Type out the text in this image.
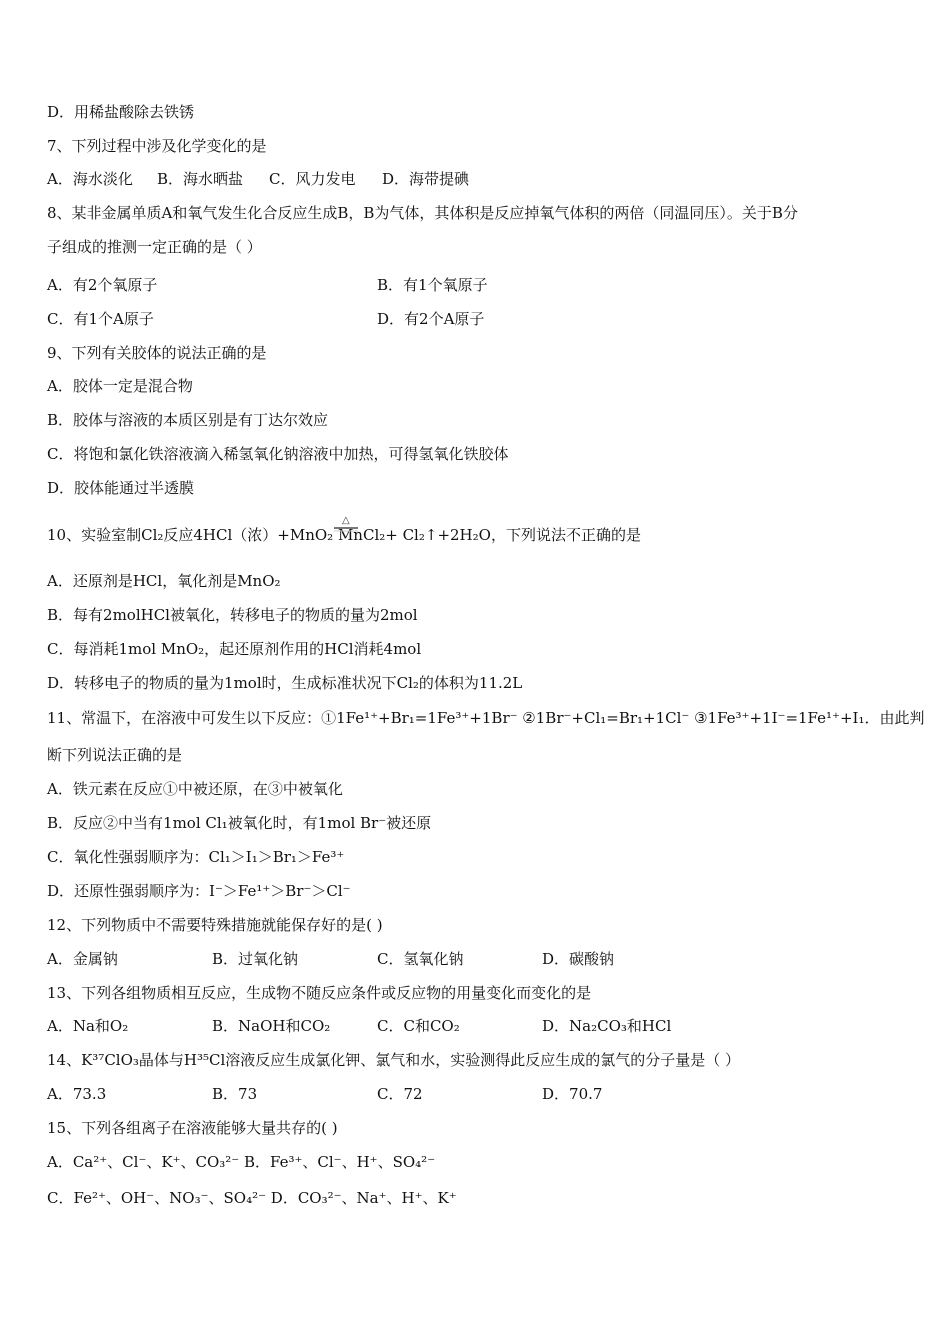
D．用稀盐酸除去铁锈
7、下列过程中涉及化学变化的是
A．海水淡化 B．海水晒盐 C．风力发电 D．海带提碘
8、某非金属单质A和氧气发生化合反应生成B，B为气体，其体积是反应掉氧气体积的两倍（同温同压）。关于B分
子组成的推测一定正确的是（ ）
A．有2个氧原子	B．有1个氧原子
C．有1个A原子	D．有2个A原子
9、下列有关胶体的说法正确的是
A．胶体一定是混合物
B．胶体与溶液的本质区别是有丁达尔效应
C．将饱和氯化铁溶液滴入稀氢氧化钠溶液中加热，可得氢氧化铁胶体
D．胶体能通过半透膜
10、实验室制Cl₂反应4HCl（浓）+MnO₂ MnCl₂+ Cl₂↑+2H₂O，下列说法不正确的是
A．还原剂是HCl，氧化剂是MnO₂
B．每有2molHCl被氧化，转移电子的物质的量为2mol
C．每消耗1mol MnO₂，起还原剂作用的HCl消耗4mol
D．转移电子的物质的量为1mol时，生成标准状况下Cl₂的体积为11.2L
11、常温下，在溶液中可发生以下反应：①1Fe¹⁺+Br₁=1Fe³⁺+1Br⁻ ②1Br⁻+Cl₁=Br₁+1Cl⁻ ③1Fe³⁺+1I⁻=1Fe¹⁺+I₁．由此判
断下列说法正确的是
A．铁元素在反应①中被还原，在③中被氧化
B．反应②中当有1mol Cl₁被氧化时，有1mol Br⁻被还原
C．氧化性强弱顺序为：Cl₁＞I₁＞Br₁＞Fe³⁺
D．还原性强弱顺序为：I⁻＞Fe¹⁺＞Br⁻＞Cl⁻
12、下列物质中不需要特殊措施就能保存好的是( )
A．金属钠	B．过氧化钠	C．氢氧化钠	D．碳酸钠
13、下列各组物质相互反应，生成物不随反应条件或反应物的用量变化而变化的是
A．Na和O₂	B．NaOH和CO₂	C．C和CO₂	D．Na₂CO₃和HCl
14、K³⁷ClO₃晶体与H³⁵Cl溶液反应生成氯化钾、氯气和水，实验测得此反应生成的氯气的分子量是（ ）
A．73.3	B．73	C．72	D．70.7
15、下列各组离子在溶液能够大量共存的( )
A．Ca²⁺、Cl⁻、K⁺、CO₃²⁻ B．Fe³⁺、Cl⁻、H⁺、SO₄²⁻
C．Fe²⁺、OH⁻、NO₃⁻、SO₄²⁻ D．CO₃²⁻、Na⁺、H⁺、K⁺
△
